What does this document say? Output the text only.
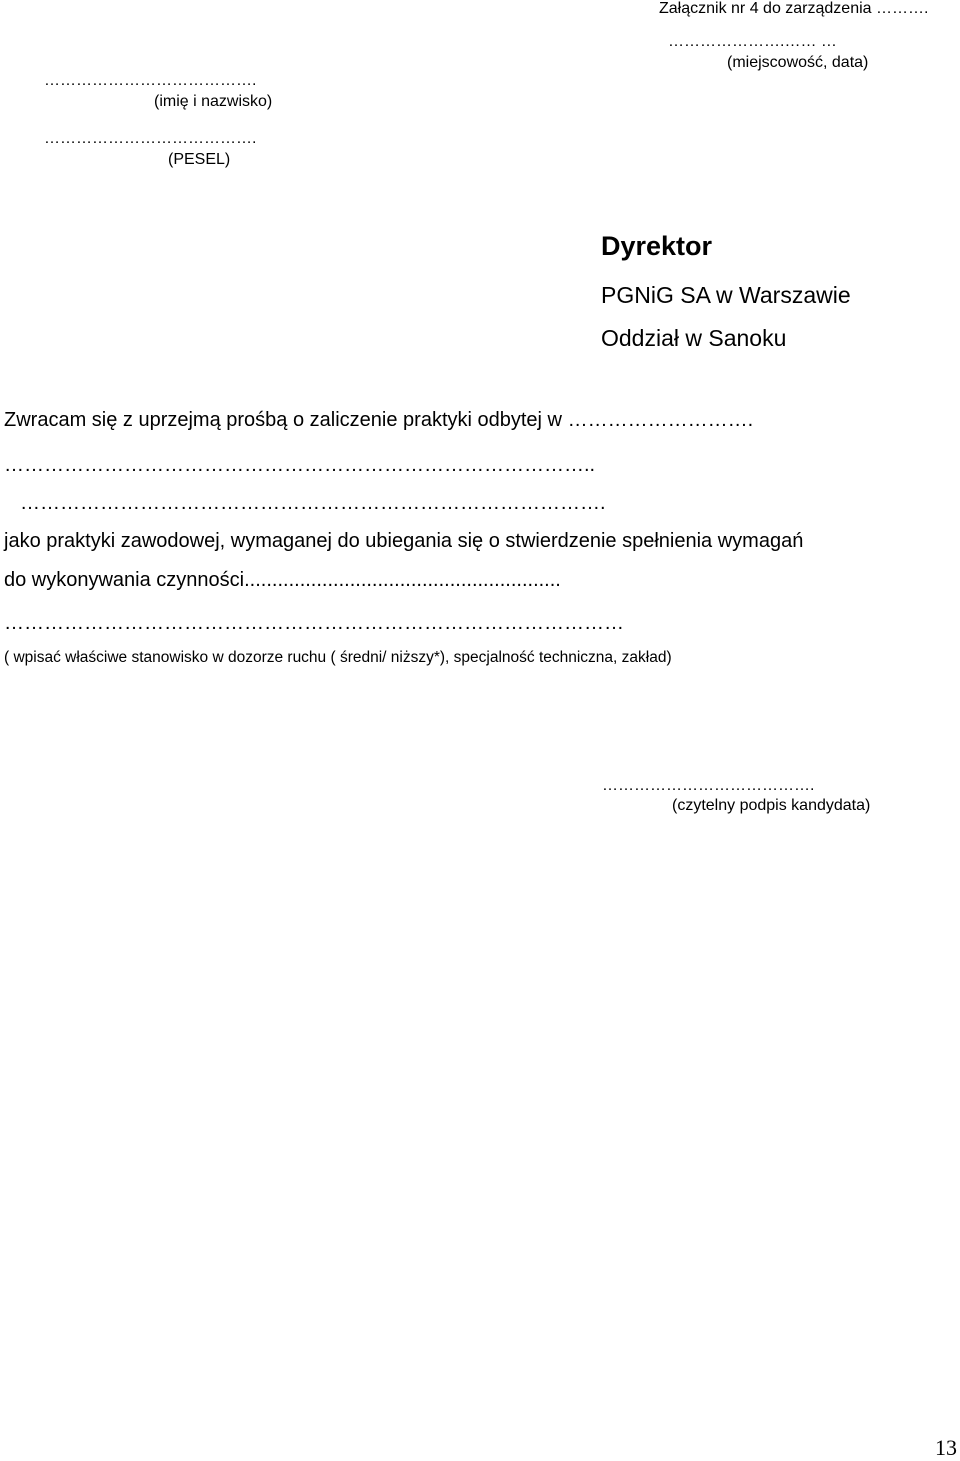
Załącznik nr 4 do zarządzenia ……….
………………….…… …
(miejscowość, data)
………………………………….
(imię i nazwisko)
………………………………….
(PESEL)
Dyrektor
PGNiG SA w Warszawie
Oddział w Sanoku
Zwracam się z uprzejmą prośbą o zaliczenie praktyki odbytej w ……………………….
……………………………………………………………………………..
…………………………………………………………………………….
jako praktyki zawodowej, wymaganej do ubiegania się o stwierdzenie spełnienia wymagań
do wykonywania czynności.........................................................
…………………………………………………………………………………
( wpisać właściwe stanowisko w dozorze ruchu ( średni/ niższy*), specjalność techniczna, zakład)
………………………………….
(czytelny podpis kandydata)
13
